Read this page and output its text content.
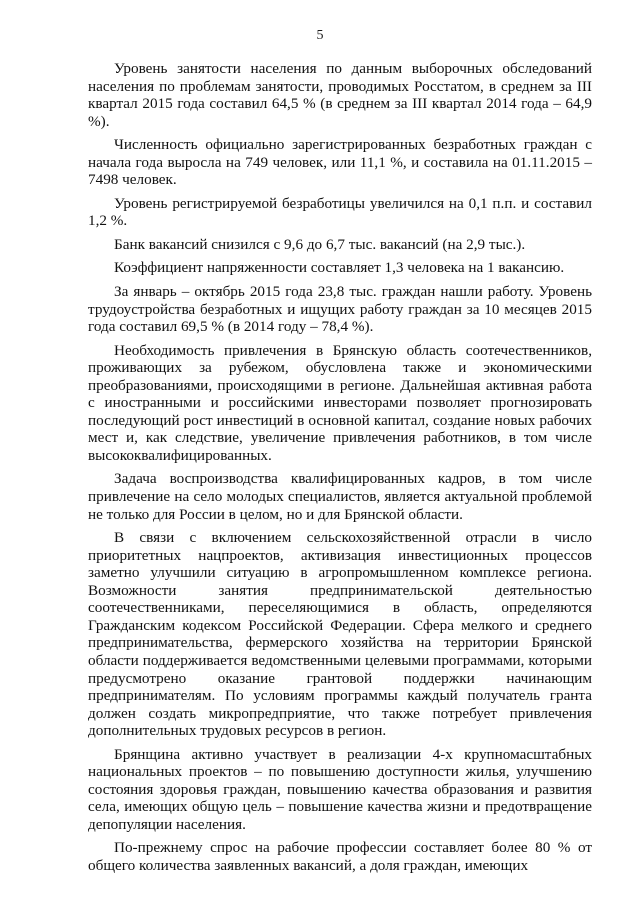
5

Уровень занятости населения по данным выборочных обследований населения по проблемам занятости, проводимых Росстатом, в среднем за III квартал 2015 года составил 64,5 % (в среднем за III квартал 2014 года – 64,9 %).

Численность официально зарегистрированных безработных граждан с начала года выросла на 749 человек, или 11,1 %, и составила на 01.11.2015 – 7498 человек.

Уровень регистрируемой безработицы увеличился на 0,1 п.п. и составил 1,2 %.

Банк вакансий снизился с 9,6 до 6,7 тыс. вакансий (на 2,9 тыс.).

Коэффициент напряженности составляет 1,3 человека на 1 вакансию.

За январь – октябрь 2015 года 23,8 тыс. граждан нашли работу. Уровень трудоустройства безработных и ищущих работу граждан за 10 месяцев 2015 года составил 69,5 % (в 2014 году – 78,4 %).

Необходимость привлечения в Брянскую область соотечественников, проживающих за рубежом, обусловлена также и экономическими преобразованиями, происходящими в регионе. Дальнейшая активная работа с иностранными и российскими инвесторами позволяет прогнозировать последующий рост инвестиций в основной капитал, создание новых рабочих мест и, как следствие, увеличение привлечения работников, в том числе высококвалифицированных.

Задача воспроизводства квалифицированных кадров, в том числе привлечение на село молодых специалистов, является актуальной проблемой не только для России в целом, но и для Брянской области.

В связи с включением сельскохозяйственной отрасли в число приоритетных нацпроектов, активизация инвестиционных процессов заметно улучшили ситуацию в агропромышленном комплексе региона. Возможности занятия предпринимательской деятельностью соотечественниками, переселяющимися в область, определяются Гражданским кодексом Российской Федерации. Сфера мелкого и среднего предпринимательства, фермерского хозяйства на территории Брянской области поддерживается ведомственными целевыми программами, которыми предусмотрено оказание грантовой поддержки начинающим предпринимателям. По условиям программы каждый получатель гранта должен создать микропредприятие, что также потребует привлечения дополнительных трудовых ресурсов в регион.

Брянщина активно участвует в реализации 4-х крупномасштабных национальных проектов – по повышению доступности жилья, улучшению состояния здоровья граждан, повышению качества образования и развития села, имеющих общую цель – повышение качества жизни и предотвращение депопуляции населения.

По-прежнему спрос на рабочие профессии составляет более 80 % от общего количества заявленных вакансий, а доля граждан, имеющих
